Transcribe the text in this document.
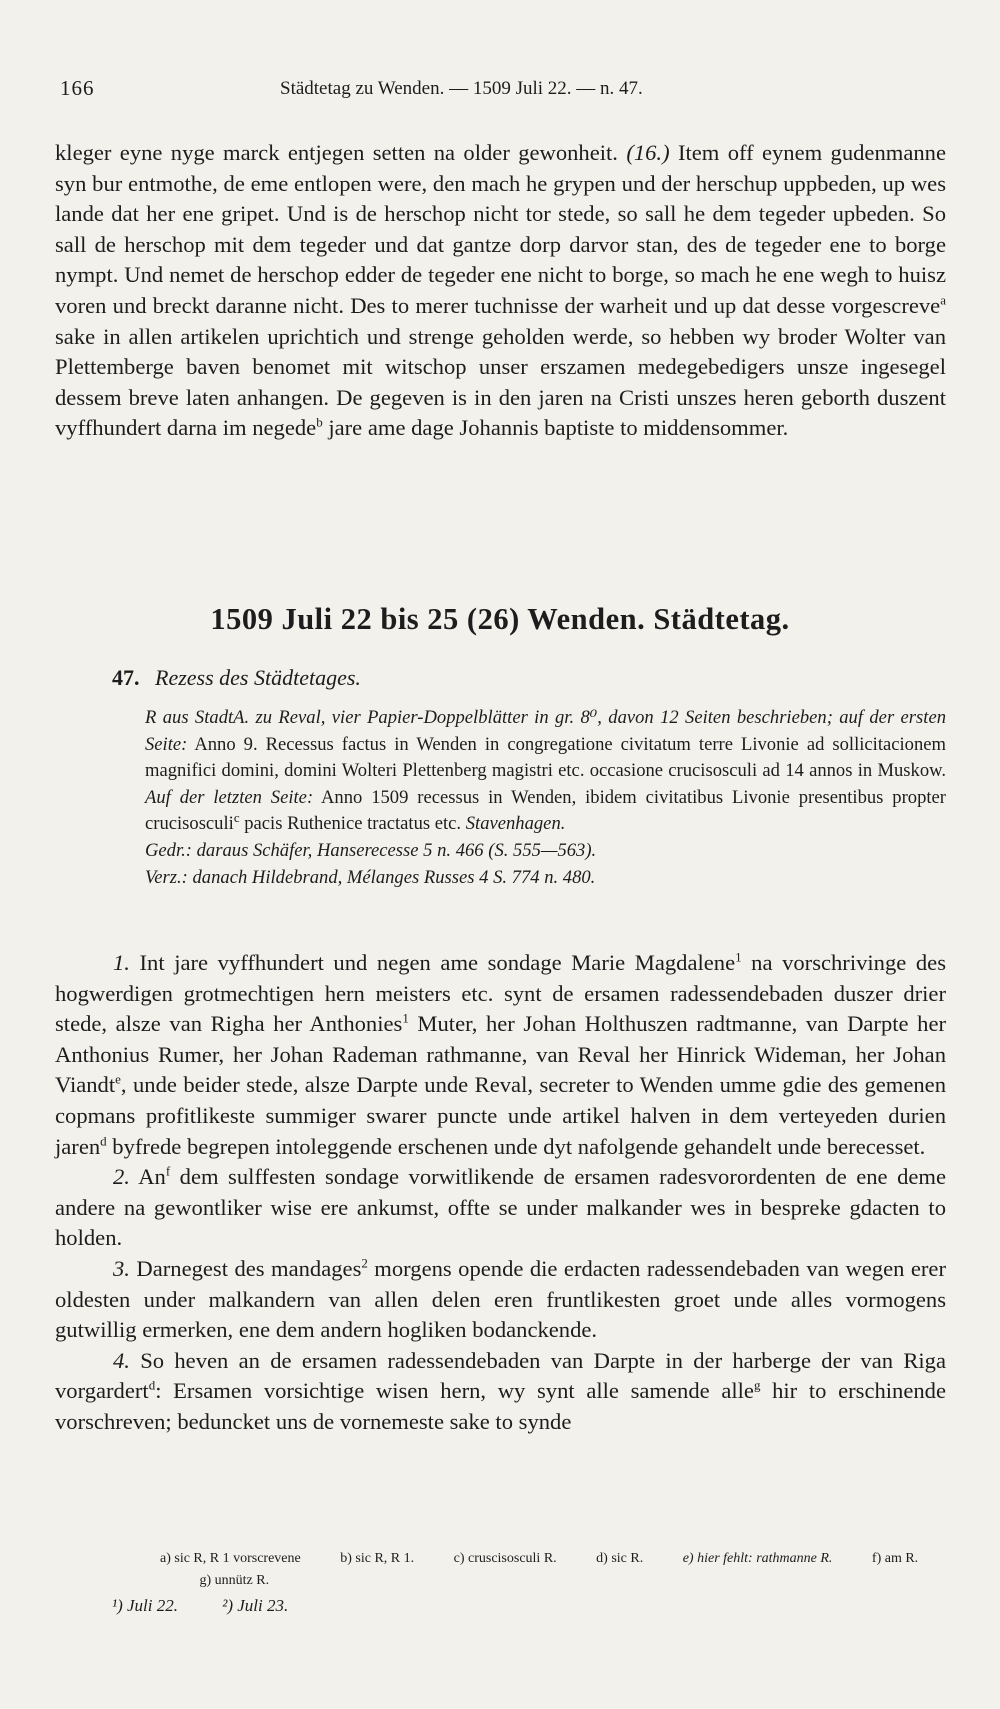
166	Städtetag zu Wenden. — 1509 Juli 22. — n. 47.

kleger eyne nyge marck entjegen setten na older gewonheit. (16.) Item off eynem gudenmanne syn bur entmothe, de eme entlopen were, den mach he grypen und der herschup uppbeden, up wes lande dat her ene gripet. Und is de herschop nicht tor stede, so sall he dem tegeder upbeden. So sall de herschop mit dem tegeder und dat gantze dorp darvor stan, des de tegeder ene to borge nympt. Und nemet de herschop edder de tegeder ene nicht to borge, so mach he ene wegh to huisz voren und breckt daranne nicht. Des to merer tuchnisse der warheit und up dat desse vorgescreve$^a$ sake in allen artikelen uprichtich und strenge geholden werde, so hebben wy broder Wolter van Plettemberge baven benomet mit witschop unser erszamen medegebedigers unsze ingesegel dessem breve laten anhangen. De gegeven is in den jaren na Cristi unszes heren geborth duszent vyffhundert darna im negede$^b$ jare ame dage Johannis baptiste to middensommer.

1509 Juli 22 bis 25 (26) Wenden. Städtetag.
47. Rezess des Städtetages.

R aus StadtA. zu Reval, vier Papier-Doppelblätter in gr. 8⁰, davon 12 Seiten beschrieben; auf der ersten Seite: Anno 9. Recessus factus in Wenden in congregatione civitatum terre Livonie ad sollicitacionem magnifici domini, domini Wolteri Plettenberg magistri etc. occasione crucisosculi ad 14 annos in Muskow. Auf der letzten Seite: Anno 1509 recessus in Wenden, ibidem civitatibus Livonie presentibus propter crucisosculi$^c$ pacis Ruthenice tractatus etc. Stavenhagen.

Gedr.: daraus Schäfer, Hanserecesse 5 n. 466 (S. 555—563).

Verz.: danach Hildebrand, Mélanges Russes 4 S. 774 n. 480.

1. Int jare vyffhundert und negen ame sondage Marie Magdalene$^1$ na vorschrivinge des hogwerdigen grotmechtigen hern meisters etc. synt de ersamen radessendebaden duszer drier stede, alsze van Righa her Anthonies$^1$ Muter, her Johan Holthuszen radtmanne, van Darpte her Anthonius Rumer, her Johan Rademan rathmanne, van Reval her Hinrick Wideman, her Johan Viandt$^e$, unde beider stede, alsze Darpte unde Reval, secreter to Wenden umme gdie des gemenen copmans profitlikeste summiger swarer puncte unde artikel halven in dem verteyeden durien jaren$^d$ byfrede begrepen intoleggende erschenen unde dyt nafolgende gehandelt unde berecesset.

2. An$^f$ dem sulffesten sondage vorwitlikende de ersamen radesvorordenten de ene deme andere na gewontliker wise ere ankumst, offte se under malkander wes in bespreke gdacten to holden.

3. Darnegest des mandages$^2$ morgens opende die erdacten radessendebaden van wegen erer oldesten under malkandern van allen delen eren fruntlikesten groet unde alles vormogens gutwillig ermerken, ene dem andern hogliken bodanckende.

4. So heven an de ersamen radessendebaden van Darpte in der harberge der van Riga vorgardert$^d$: Ersamen vorsichtige wisen hern, wy synt alle samende alle$^g$ hir to erschinende vorschreven; beduncket uns de vornemeste sake to synde

a) sic R, R 1 vorscrevene	b) sic R, R 1.	c) cruscisosculi R.	d) sic R.	e) hier fehlt: rathmanne R.	f) am R. g) unnütz R.
¹) Juli 22.	²) Juli 23.
